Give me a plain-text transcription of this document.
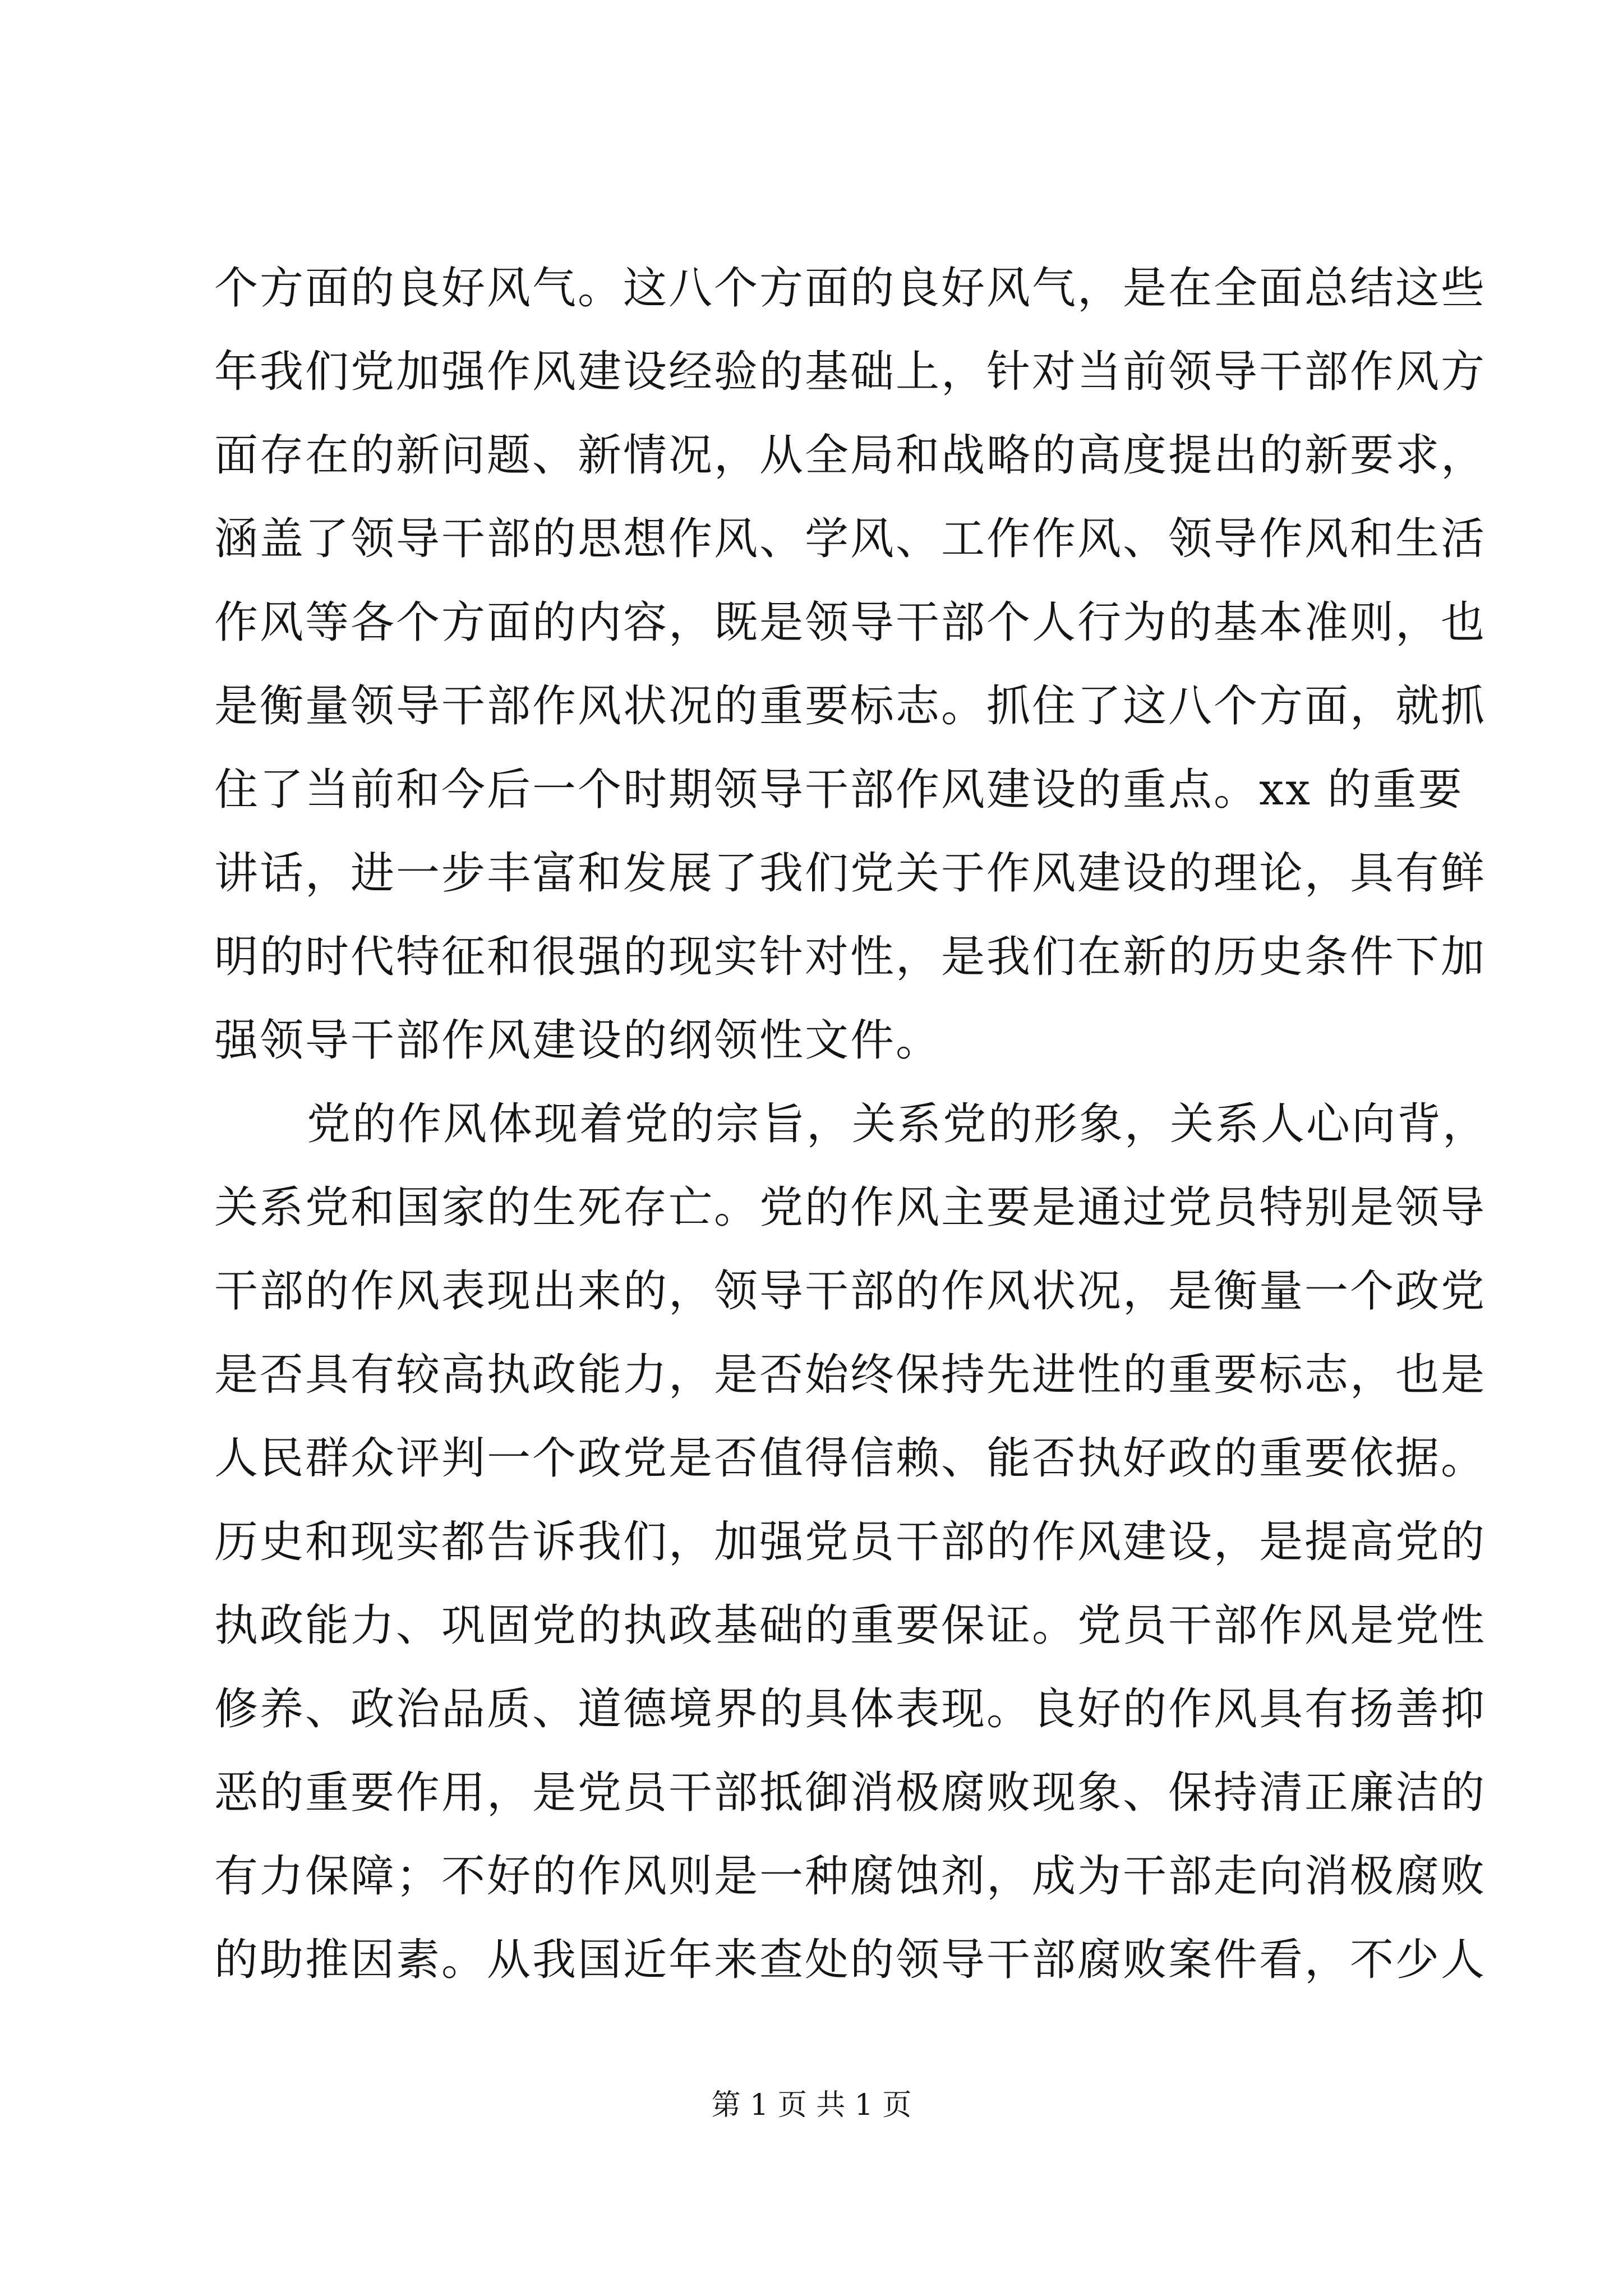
个方面的良好风气。这八个方面的良好风气，是在全面总结这些
年我们党加强作风建设经验的基础上，针对当前领导干部作风方
面存在的新问题、新情况，从全局和战略的高度提出的新要求，
涵盖了领导干部的思想作风、学风、工作作风、领导作风和生活
作风等各个方面的内容，既是领导干部个人行为的基本准则，也
是衡量领导干部作风状况的重要标志。抓住了这八个方面，就抓
住了当前和今后一个时期领导干部作风建设的重点。xx 的重要
讲话，进一步丰富和发展了我们党关于作风建设的理论，具有鲜
明的时代特征和很强的现实针对性，是我们在新的历史条件下加
强领导干部作风建设的纲领性文件。
党的作风体现着党的宗旨，关系党的形象，关系人心向背，
关系党和国家的生死存亡。党的作风主要是通过党员特别是领导
干部的作风表现出来的，领导干部的作风状况，是衡量一个政党
是否具有较高执政能力，是否始终保持先进性的重要标志，也是
人民群众评判一个政党是否值得信赖、能否执好政的重要依据。
历史和现实都告诉我们，加强党员干部的作风建设，是提高党的
执政能力、巩固党的执政基础的重要保证。党员干部作风是党性
修养、政治品质、道德境界的具体表现。良好的作风具有扬善抑
恶的重要作用，是党员干部抵御消极腐败现象、保持清正廉洁的
有力保障；不好的作风则是一种腐蚀剂，成为干部走向消极腐败
的助推因素。从我国近年来查处的领导干部腐败案件看，不少人
第 1 页 共 1 页
